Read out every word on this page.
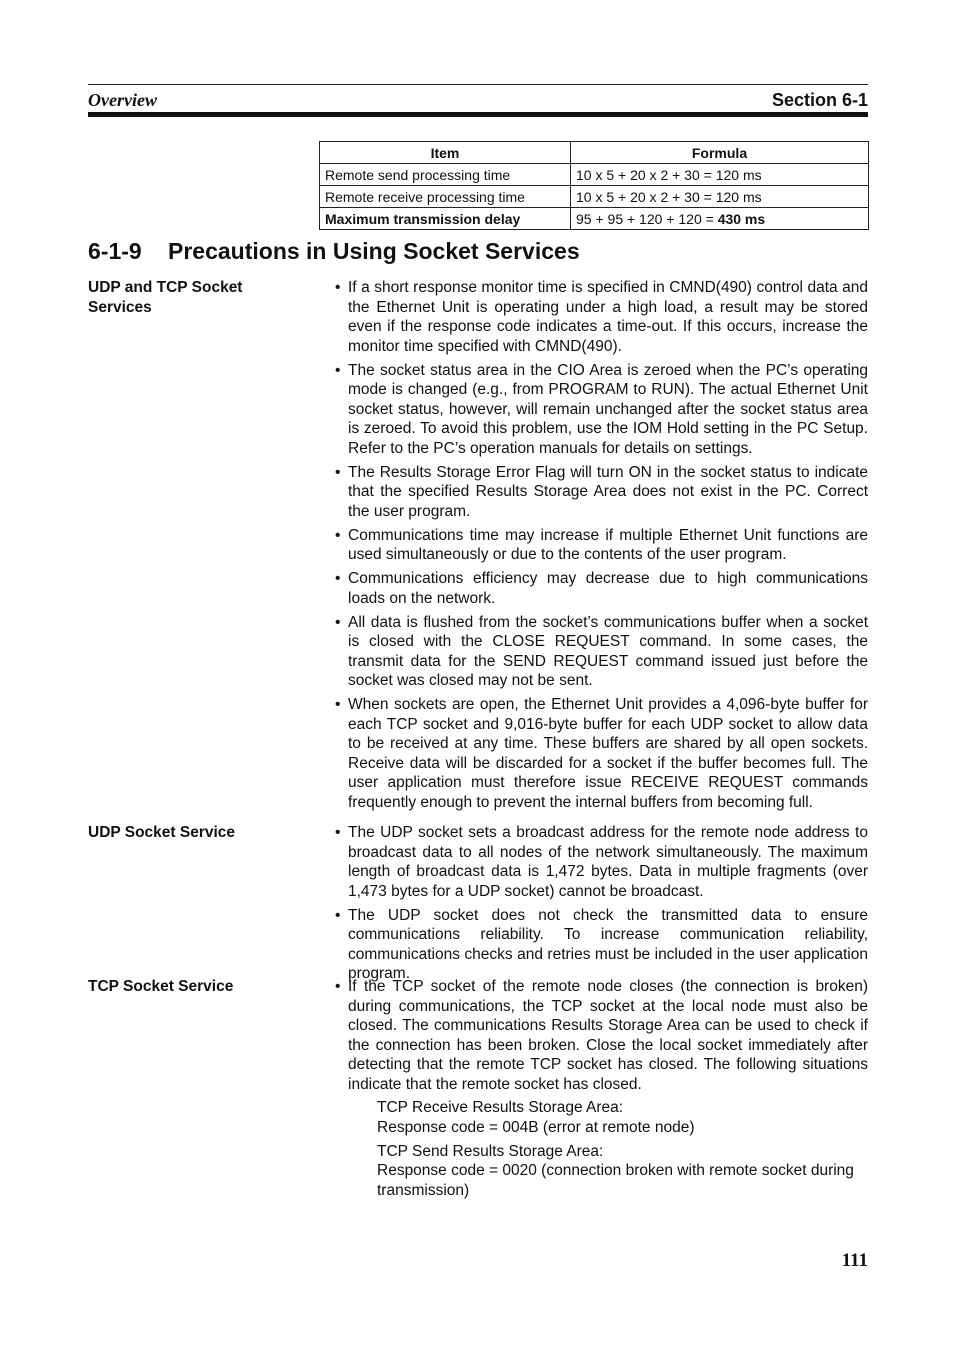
Overview	Section 6-1
Item	Formula
Remote send processing time	10 x 5 + 20 x 2 + 30 = 120 ms
Remote receive processing time	10 x 5 + 20 x 2 + 30 = 120 ms
Maximum transmission delay	95 + 95 + 120 + 120 = 430 ms
6-1-9 Precautions in Using Socket Services
UDP and TCP Socket
Services
• If a short response monitor time is specified in CMND(490) control data and the Ethernet Unit is operating under a high load, a result may be stored even if the response code indicates a time-out. If this occurs, increase the monitor time specified with CMND(490).
• The socket status area in the CIO Area is zeroed when the PC’s operating mode is changed (e.g., from PROGRAM to RUN). The actual Ethernet Unit socket status, however, will remain unchanged after the socket status area is zeroed. To avoid this problem, use the IOM Hold setting in the PC Setup. Refer to the PC’s operation manuals for details on settings.
• The Results Storage Error Flag will turn ON in the socket status to indicate that the specified Results Storage Area does not exist in the PC. Correct the user program.
• Communications time may increase if multiple Ethernet Unit functions are used simultaneously or due to the contents of the user program.
• Communications efficiency may decrease due to high communications loads on the network.
• All data is flushed from the socket’s communications buffer when a socket is closed with the CLOSE REQUEST command. In some cases, the transmit data for the SEND REQUEST command issued just before the socket was closed may not be sent.
• When sockets are open, the Ethernet Unit provides a 4,096-byte buffer for each TCP socket and 9,016-byte buffer for each UDP socket to allow data to be received at any time. These buffers are shared by all open sockets. Receive data will be discarded for a socket if the buffer becomes full. The user application must therefore issue RECEIVE REQUEST commands frequently enough to prevent the internal buffers from becoming full.
UDP Socket Service	• The UDP socket sets a broadcast address for the remote node address to broadcast data to all nodes of the network simultaneously. The maximum length of broadcast data is 1,472 bytes. Data in multiple fragments (over 1,473 bytes for a UDP socket) cannot be broadcast.
• The UDP socket does not check the transmitted data to ensure communications reliability. To increase communication reliability, communications checks and retries must be included in the user application program.
TCP Socket Service	• If the TCP socket of the remote node closes (the connection is broken) during communications, the TCP socket at the local node must also be closed. The communications Results Storage Area can be used to check if the connection has been broken. Close the local socket immediately after detecting that the remote TCP socket has closed. The following situations indicate that the remote socket has closed.

TCP Receive Results Storage Area:
Response code = 004B (error at remote node)

TCP Send Results Storage Area:
Response code = 0020 (connection broken with remote socket during transmission)

111
